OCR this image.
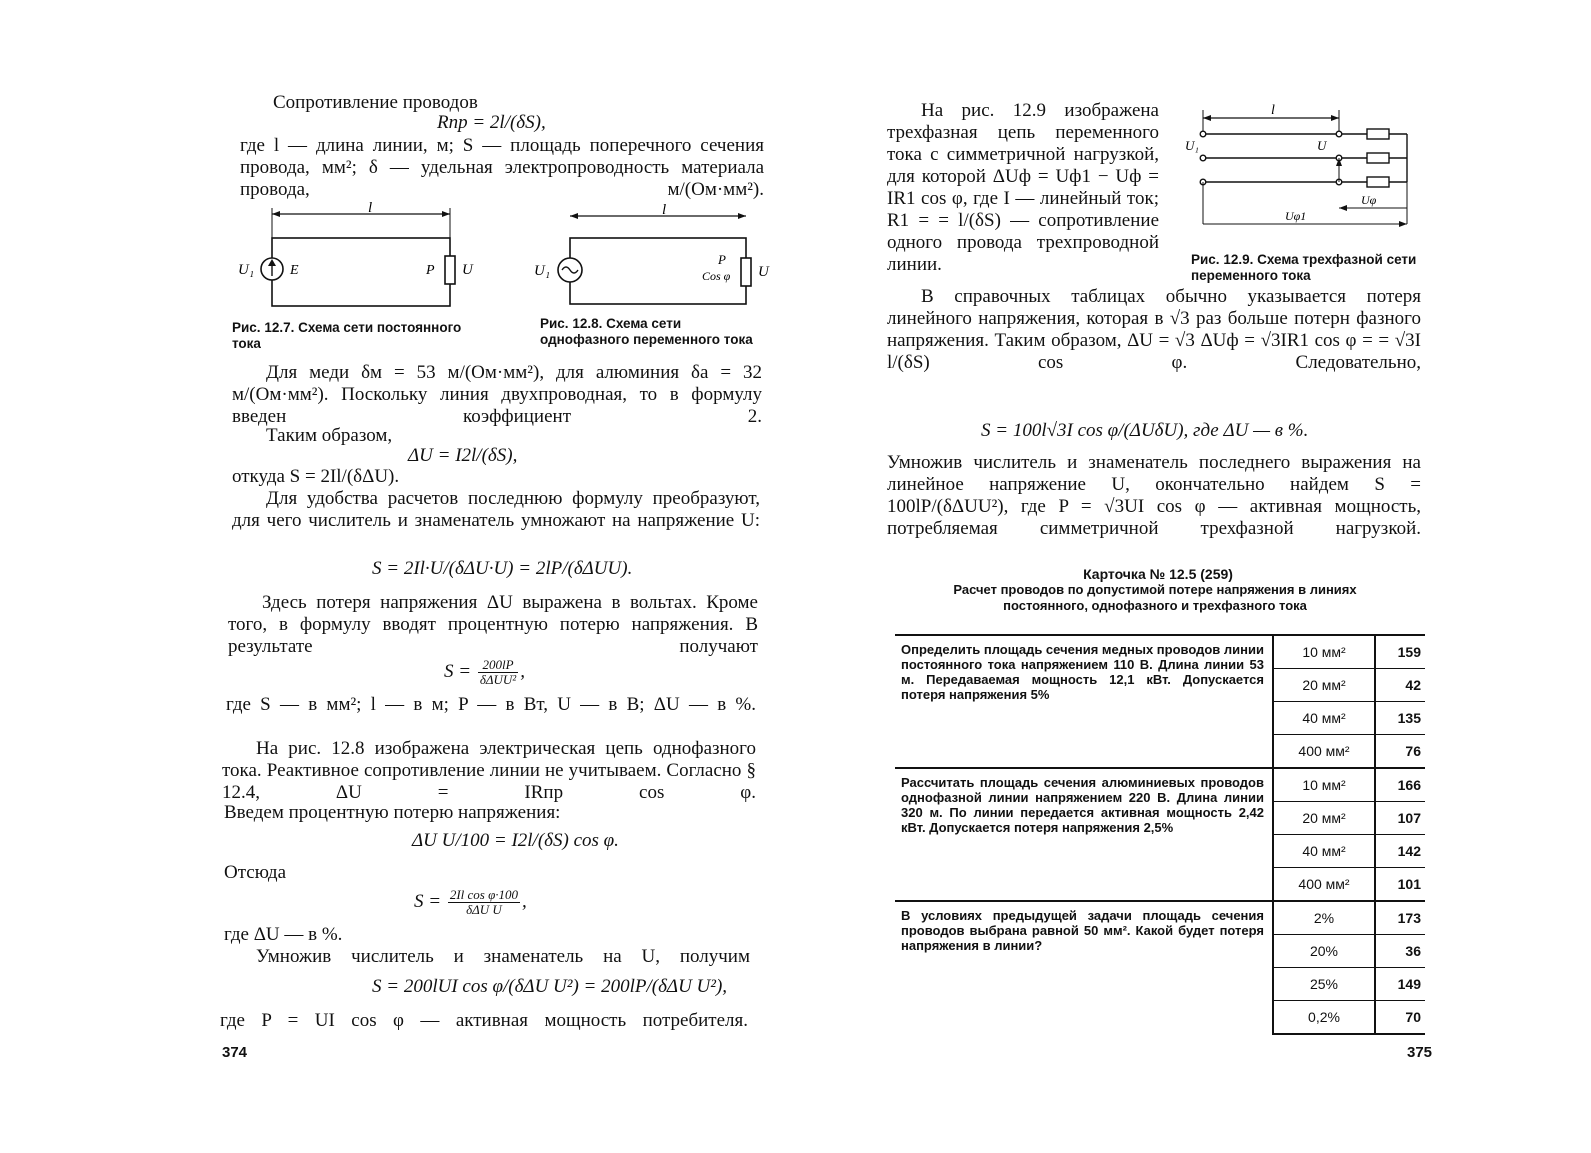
Сопротивление проводов

Rпр = 2l/(δS),

где l — длина линии, м; S — площадь поперечного сечения провода, мм²; δ — удельная электропроводность материала провода, м/(Ом·мм²).

l
U₁	E	P U
Рис. 12.7. Схема сети постоянного тока
l
U₁
P
Cos φ U
Рис. 12.8. Схема сети однофазного переменного тока

Для меди δм = 53 м/(Ом·мм²), для алюминия δа = 32 м/(Ом·мм²). Поскольку линия двухпроводная, то в формулу введен коэффициент 2.

Таким образом,

ΔU = I2l/(δS),

откуда S = 2Il/(δΔU).

Для удобства расчетов последнюю формулу преобразуют, для чего числитель и знаменатель умножают на напряжение U:

S = 2Il·U/(δΔU·U) = 2lP/(δΔUU).

Здесь потеря напряжения ΔU выражена в вольтах. Кроме того, в формулу вводят процентную потерю напряжения. В результате получают

$S = \frac{200lP}{\text{δΔUU²}}$ ,

где S — в мм²; l — в м; P — в Вт, U — в В; ΔU — в %.

На рис. 12.8 изображена электрическая цепь однофазного тока. Реактивное сопротивление линии не учитываем. Согласно § 12.4, ΔU = IRпр cos φ.

Введем процентную потерю напряжения:

ΔU U/100 = I2l/(δS) cos φ.

Отсюда

$S = \frac{\text{2Il cos φ·100}}{\text{δΔU U}}$ ,

где ΔU — в %.

Умножив числитель и знаменатель на U, получим

S = 200lUI cos φ/(δΔU U²) = 200lP/(δΔU U²),

где P = UI cos φ — активная мощность потребителя.

374

На рис. 12.9 изображена трехфазная цепь переменного тока с симметричной нагрузкой, для которой ΔUф = Uф1 − Uф = IR1 cos φ, где I — линейный ток; R1 = = l/(δS) — сопротивление одного провода трехпроводной линии.

l
U₁	U
Uφ
Uφ1
Рис. 12.9. Схема трехфазной сети переменного тока

В справочных таблицах обычно указывается потеря линейного напряжения, которая в √3 раз больше потерн фазного напряжения. Таким образом, ΔU = √3 ΔUф = √3IR1 cos φ = = √3I l/(δS) cos φ. Следовательно,

S = 100l√3I cos φ/(ΔUδU), где ΔU — в %.

Умножив числитель и знаменатель последнего выражения на линейное напряжение U, окончательно найдем S = 100lP/(δΔUU²), где P = √3UI cos φ — активная мощность, потребляемая симметричной трехфазной нагрузкой.

Карточка № 12.5 (259)
Расчет проводов по допустимой потере напряжения в линиях постоянного, однофазного и трехфазного тока
Определить площадь сечения медных проводов линии постоянного тока напряжением 110 В. Длина линии 53 м. Передаваемая мощность 12,1 кВт. Допускается потеря напряжения 5%	10 мм²	159
	20 мм²	42
	40 мм²	135
	400 мм²	76
Рассчитать площадь сечения алюминиевых проводов однофазной линии напряжением 220 В. Длина линии 320 м. По линии передается активная мощность 2,42 кВт. Допускается потеря напряжения 2,5%	10 мм²	166
	20 мм²	107
	40 мм²	142
	400 мм²	101
В условиях предыдущей задачи площадь сечения проводов выбрана равной 50 мм². Какой будет потеря напряжения в линии?	2%	173
	20%	36
	25%	149
	0,2%	70
375
